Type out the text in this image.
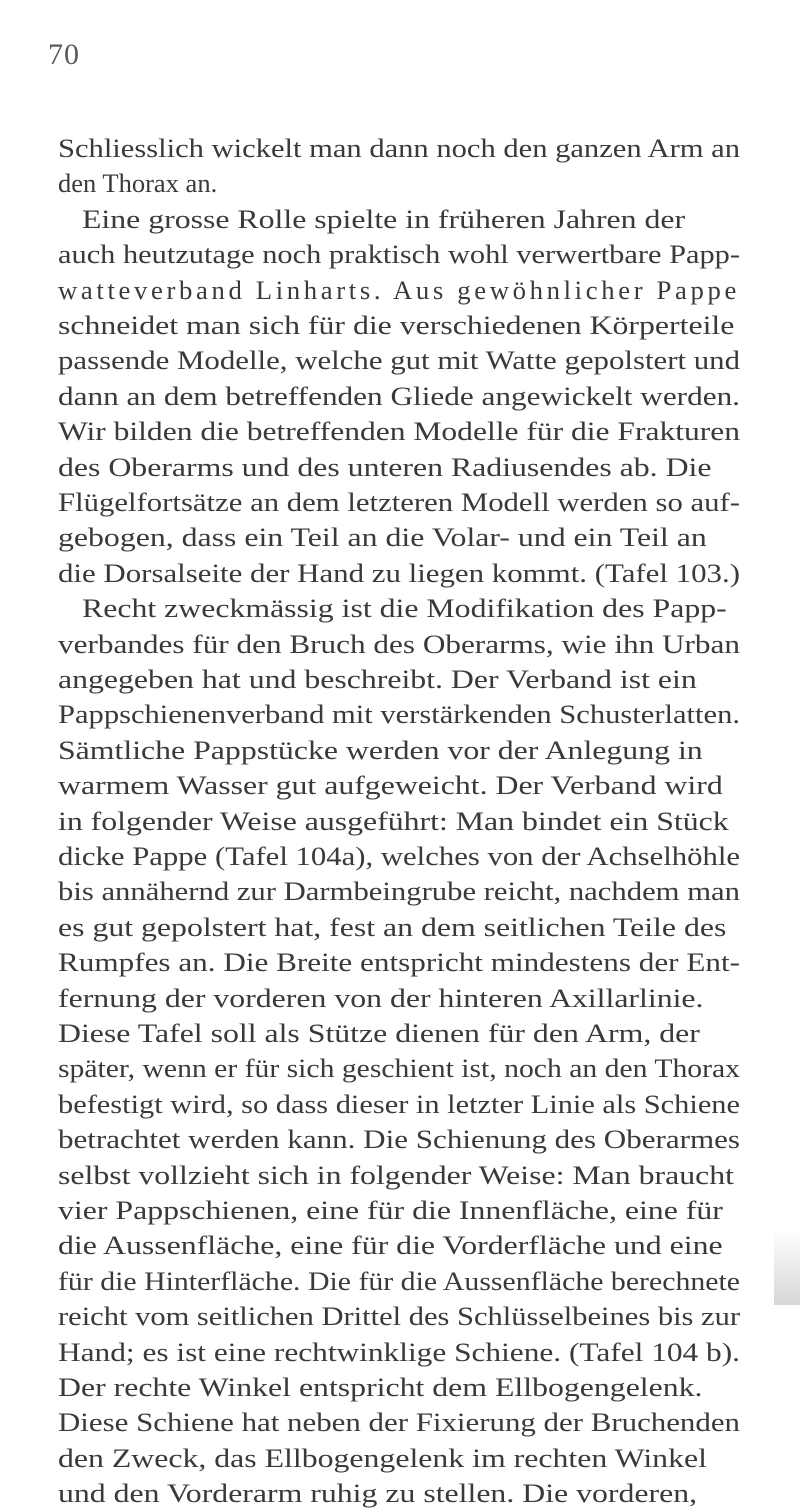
70
Schliesslich wickelt man dann noch den ganzen Arm an
den Thorax an.
Eine grosse Rolle spielte in früheren Jahren der
auch heutzutage noch praktisch wohl verwertbare Papp-
watteverband Linharts. Aus gewöhnlicher Pappe
schneidet man sich für die verschiedenen Körperteile
passende Modelle, welche gut mit Watte gepolstert und
dann an dem betreffenden Gliede angewickelt werden.
Wir bilden die betreffenden Modelle für die Frakturen
des Oberarms und des unteren Radiusendes ab. Die
Flügelfortsätze an dem letzteren Modell werden so auf-
gebogen, dass ein Teil an die Volar- und ein Teil an
die Dorsalseite der Hand zu liegen kommt. (Tafel 103.)
Recht zweckmässig ist die Modifikation des Papp-
verbandes für den Bruch des Oberarms, wie ihn Urban
angegeben hat und beschreibt. Der Verband ist ein
Pappschienenverband mit verstärkenden Schusterlatten.
Sämtliche Pappstücke werden vor der Anlegung in
warmem Wasser gut aufgeweicht. Der Verband wird
in folgender Weise ausgeführt: Man bindet ein Stück
dicke Pappe (Tafel 104a), welches von der Achselhöhle
bis annähernd zur Darmbeingrube reicht, nachdem man
es gut gepolstert hat, fest an dem seitlichen Teile des
Rumpfes an. Die Breite entspricht mindestens der Ent-
fernung der vorderen von der hinteren Axillarlinie.
Diese Tafel soll als Stütze dienen für den Arm, der
später, wenn er für sich geschient ist, noch an den Thorax
befestigt wird, so dass dieser in letzter Linie als Schiene
betrachtet werden kann. Die Schienung des Oberarmes
selbst vollzieht sich in folgender Weise: Man braucht
vier Pappschienen, eine für die Innenfläche, eine für
die Aussenfläche, eine für die Vorderfläche und eine
für die Hinterfläche. Die für die Aussenfläche berechnete
reicht vom seitlichen Drittel des Schlüsselbeines bis zur
Hand; es ist eine rechtwinklige Schiene. (Tafel 104 b).
Der rechte Winkel entspricht dem Ellbogengelenk.
Diese Schiene hat neben der Fixierung der Bruchenden
den Zweck, das Ellbogengelenk im rechten Winkel
und den Vorderarm ruhig zu stellen. Die vorderen,
